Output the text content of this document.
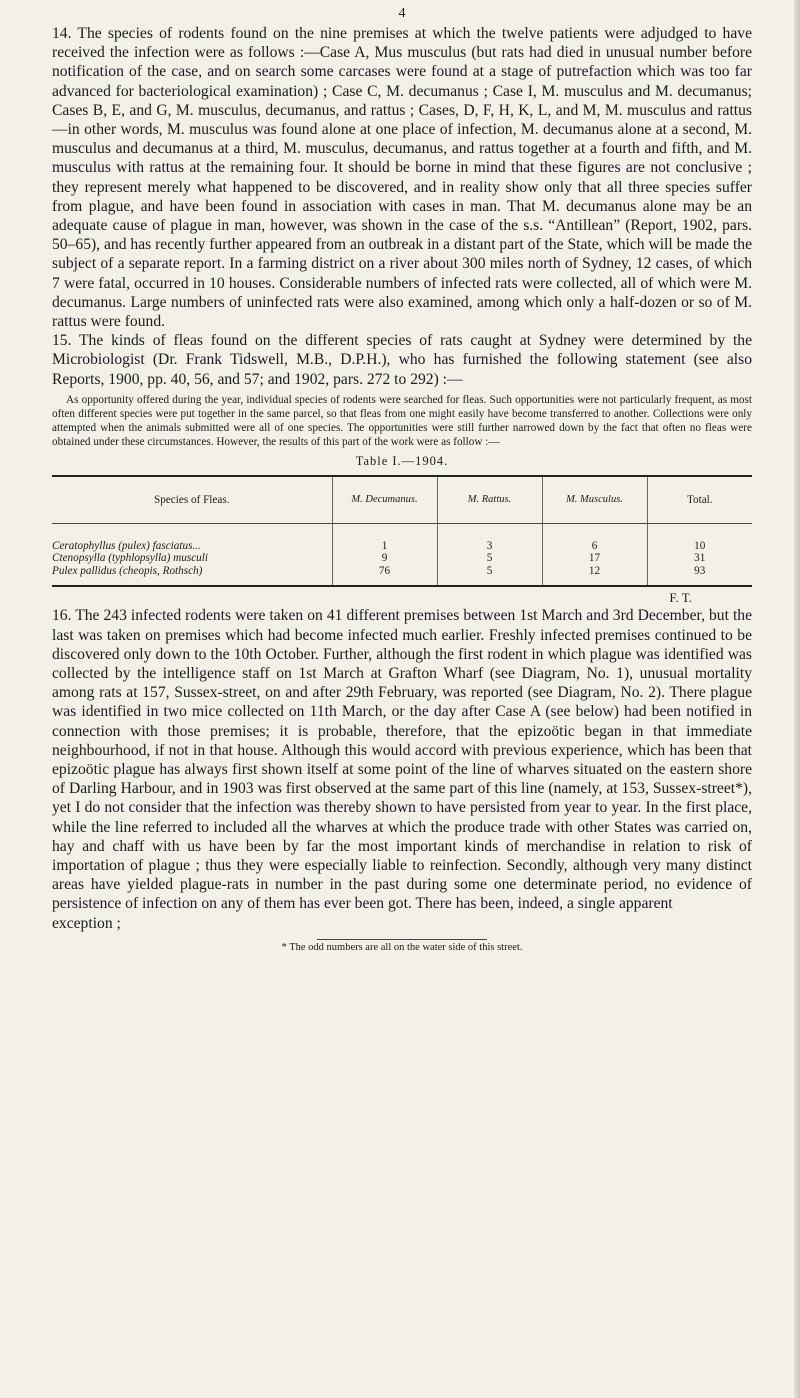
4

14. The species of rodents found on the nine premises at which the twelve patients were adjudged to have received the infection were as follows :—Case A, Mus musculus (but rats had died in unusual number before notification of the case, and on search some carcases were found at a stage of putrefaction which was too far advanced for bacteriological examination) ; Case C, M. decumanus ; Case I, M. musculus and M. decumanus; Cases B, E, and G, M. musculus, decumanus, and rattus ; Cases, D, F, H, K, L, and M, M. musculus and rattus—in other words, M. musculus was found alone at one place of infection, M. decumanus alone at a second, M. musculus and decumanus at a third, M. musculus, decumanus, and rattus together at a fourth and fifth, and M. musculus with rattus at the remaining four. It should be borne in mind that these figures are not conclusive ; they represent merely what happened to be discovered, and in reality show only that all three species suffer from plague, and have been found in association with cases in man. That M. decumanus alone may be an adequate cause of plague in man, however, was shown in the case of the s.s. “Antillean” (Report, 1902, pars. 50–65), and has recently further appeared from an outbreak in a distant part of the State, which will be made the subject of a separate report. In a farming district on a river about 300 miles north of Sydney, 12 cases, of which 7 were fatal, occurred in 10 houses. Considerable numbers of infected rats were collected, all of which were M. decumanus. Large numbers of uninfected rats were also examined, among which only a half-dozen or so of M. rattus were found.

15. The kinds of fleas found on the different species of rats caught at Sydney were determined by the Microbiologist (Dr. Frank Tidswell, M.B., D.P.H.), who has furnished the following statement (see also Reports, 1900, pp. 40, 56, and 57; and 1902, pars. 272 to 292) :—

As opportunity offered during the year, individual species of rodents were searched for fleas. Such opportunities were not particularly frequent, as most often different species were put together in the same parcel, so that fleas from one might easily have become transferred to another. Collections were only attempted when the animals submitted were all of one species. The opportunities were still further narrowed down by the fact that often no fleas were obtained under these circumstances. However, the results of this part of the work were as follow :—

Table I.—1904.
Species of Fleas.	M. Decumanus.	M. Rattus.	M. Musculus.	Total.
Ceratophyllus (pulex) fasciatus...	1	3	6	10
Ctenopsylla (typhlopsylla) musculi	9	5	17	31
Pulex pallidus (cheopis, Rothsch)	76	5	12	93
F. T.

16. The 243 infected rodents were taken on 41 different premises between 1st March and 3rd December, but the last was taken on premises which had become infected much earlier. Freshly infected premises continued to be discovered only down to the 10th October. Further, although the first rodent in which plague was identified was collected by the intelligence staff on 1st March at Grafton Wharf (see Diagram, No. 1), unusual mortality among rats at 157, Sussex-street, on and after 29th February, was reported (see Diagram, No. 2). There plague was identified in two mice collected on 11th March, or the day after Case A (see below) had been notified in connection with those premises; it is probable, therefore, that the epizoötic began in that immediate neighbourhood, if not in that house. Although this would accord with previous experience, which has been that epizoötic plague has always first shown itself at some point of the line of wharves situated on the eastern shore of Darling Harbour, and in 1903 was first observed at the same part of this line (namely, at 153, Sussex-street*), yet I do not consider that the infection was thereby shown to have persisted from year to year. In the first place, while the line referred to included all the wharves at which the produce trade with other States was carried on, hay and chaff with us have been by far the most important kinds of merchandise in relation to risk of importation of plague ; thus they were especially liable to reinfection. Secondly, although very many distinct areas have yielded plague-rats in number in the past during some one determinate period, no evidence of persistence of infection on any of them has ever been got. There has been, indeed, a single apparent

exception ;

* The odd numbers are all on the water side of this street.
